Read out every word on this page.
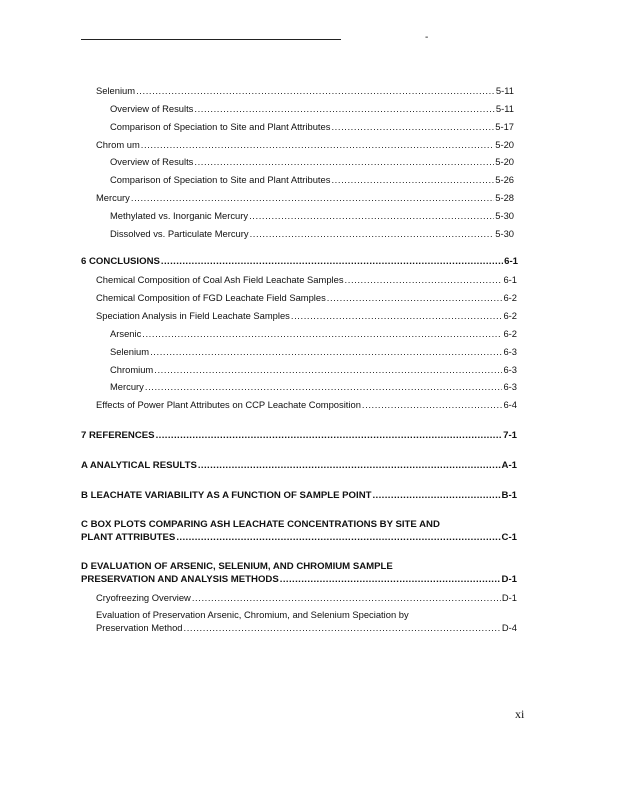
-
Selenium .....	5-11
Overview of Results .....	5-11
Comparison of Speciation to Site and Plant Attributes .....	5-17
Chrom um .....	5-20
Overview of Results .....	5-20
Comparison of Speciation to Site and Plant Attributes .....	5-26
Mercury .....	5-28
Methylated vs. Inorganic Mercury .....	5-30
Dissolved vs. Particulate Mercury .....	5-30
6 CONCLUSIONS .....	6-1
Chemical Composition of Coal Ash Field Leachate Samples .....	6-1
Chemical Composition of FGD Leachate Field Samples .....	6-2
Speciation Analysis in Field Leachate Samples .....	6-2
Arsenic .....	6-2
Selenium .....	6-3
Chromium .....	6-3
Mercury .....	6-3
Effects of Power Plant Attributes on CCP Leachate Composition .....	6-4
7 REFERENCES .....	7-1
A ANALYTICAL RESULTS .....	A-1
B LEACHATE VARIABILITY AS A FUNCTION OF SAMPLE POINT .....	B-1
C BOX PLOTS COMPARING ASH LEACHATE CONCENTRATIONS BY SITE AND
PLANT ATTRIBUTES .....	C-1
D EVALUATION OF ARSENIC, SELENIUM, AND CHROMIUM SAMPLE
PRESERVATION AND ANALYSIS METHODS .....	D-1
Cryofreezing Overview .....	D-1
Evaluation of Preservation Arsenic, Chromium, and Selenium Speciation by
Preservation Method .....	D-4
xi
